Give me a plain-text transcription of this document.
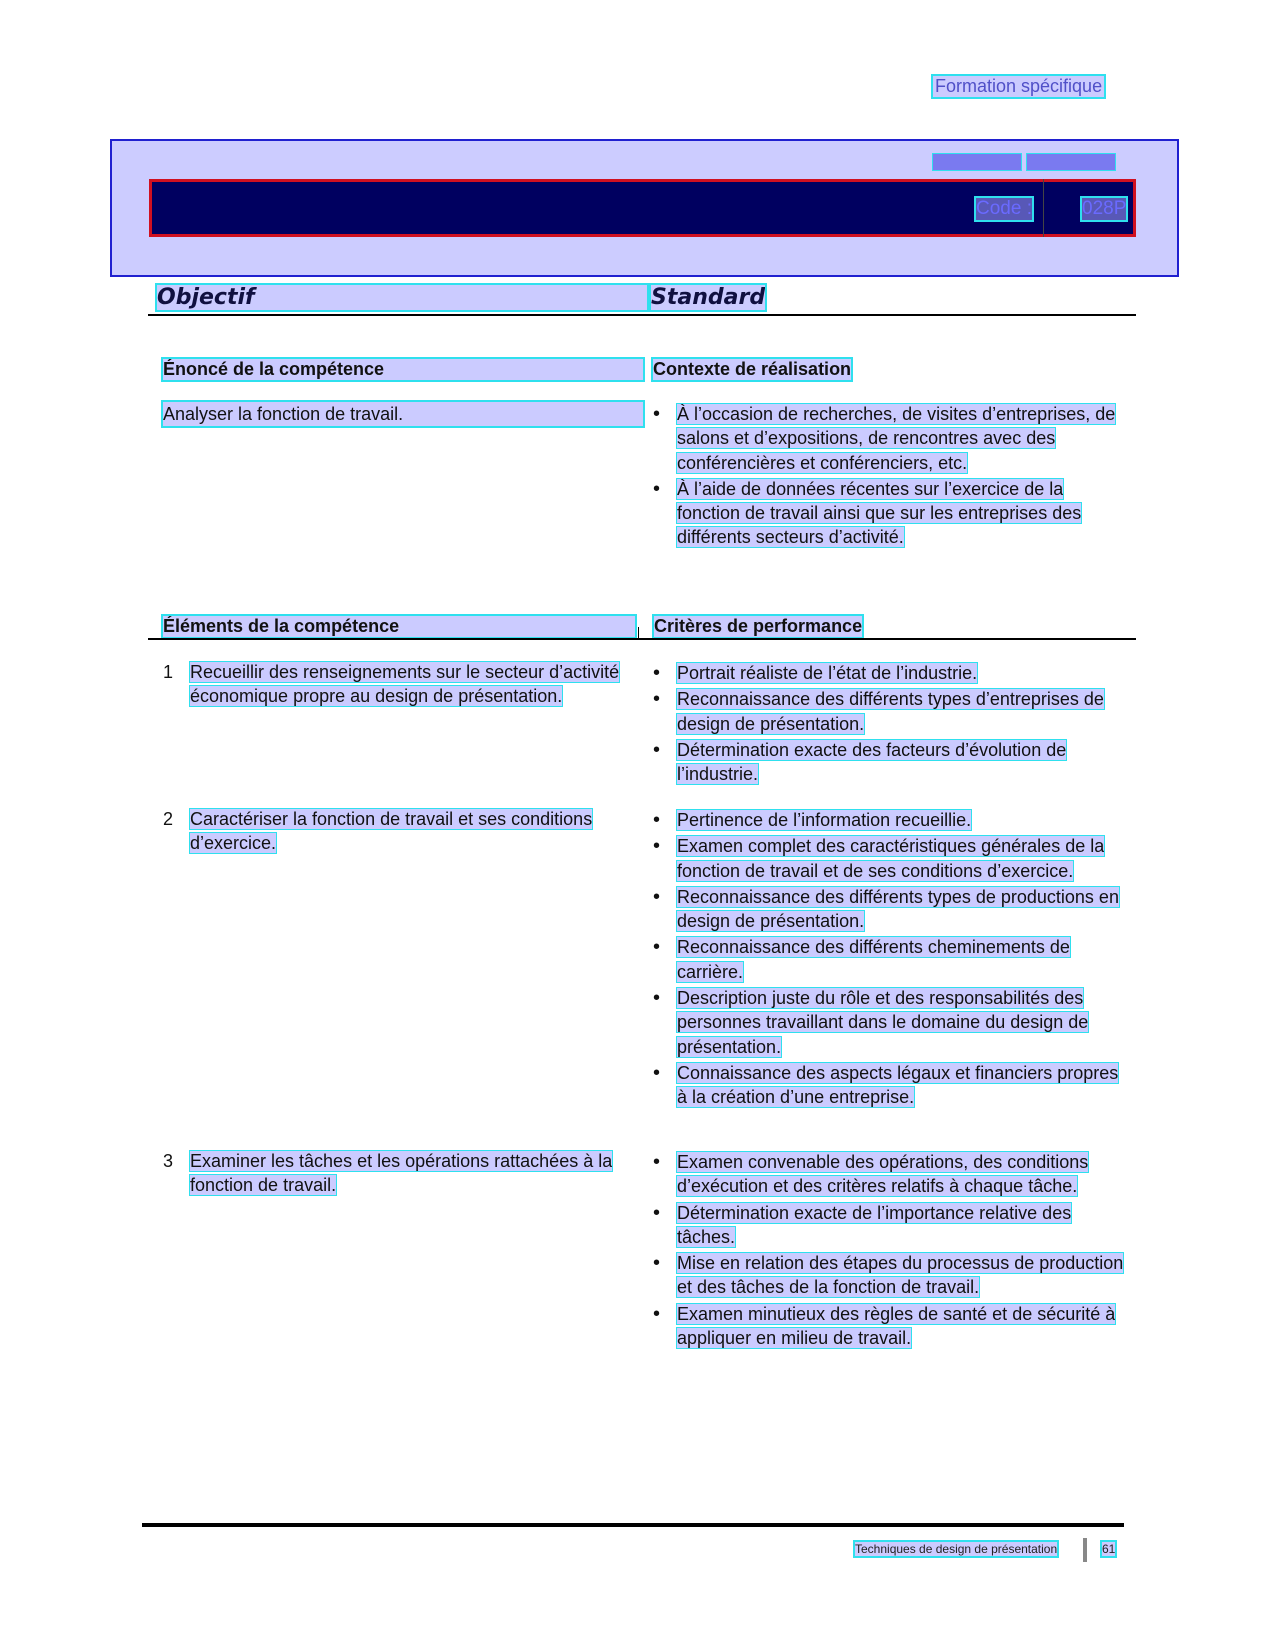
Formation spécifique
Code :	028P
Objectif	Standard
Énoncé de la compétence	Contexte de réalisation
Analyser la fonction de travail.
•	À l’occasion de recherches, de visites d’entreprises, de salons et d’expositions, de rencontres avec des conférencières et conférenciers, etc.
• À l’aide de données récentes sur l’exercice de la fonction de travail ainsi que sur les entreprises des différents secteurs d’activité.
Éléments de la compétence	Critères de performance
1 Recueillir des renseignements sur le secteur d’activité économique propre au design de présentation.
• Portrait réaliste de l’état de l’industrie.
• Reconnaissance des différents types d’entreprises de design de présentation.
• Détermination exacte des facteurs d’évolution de l’industrie.
2 Caractériser la fonction de travail et ses conditions d’exercice.
• Pertinence de l’information recueillie.
• Examen complet des caractéristiques générales de la fonction de travail et de ses conditions d’exercice.
• Reconnaissance des différents types de productions en design de présentation.
• Reconnaissance des différents cheminements de carrière.
• Description juste du rôle et des responsabilités des personnes travaillant dans le domaine du design de présentation.
• Connaissance des aspects légaux et financiers propres à la création d’une entreprise.
3 Examiner les tâches et les opérations rattachées à la fonction de travail.
• Examen convenable des opérations, des conditions d’exécution et des critères relatifs à chaque tâche.
• Détermination exacte de l’importance relative des tâches.
• Mise en relation des étapes du processus de production et des tâches de la fonction de travail.
• Examen minutieux des règles de santé et de sécurité à appliquer en milieu de travail.
Techniques de design de présentation	61
